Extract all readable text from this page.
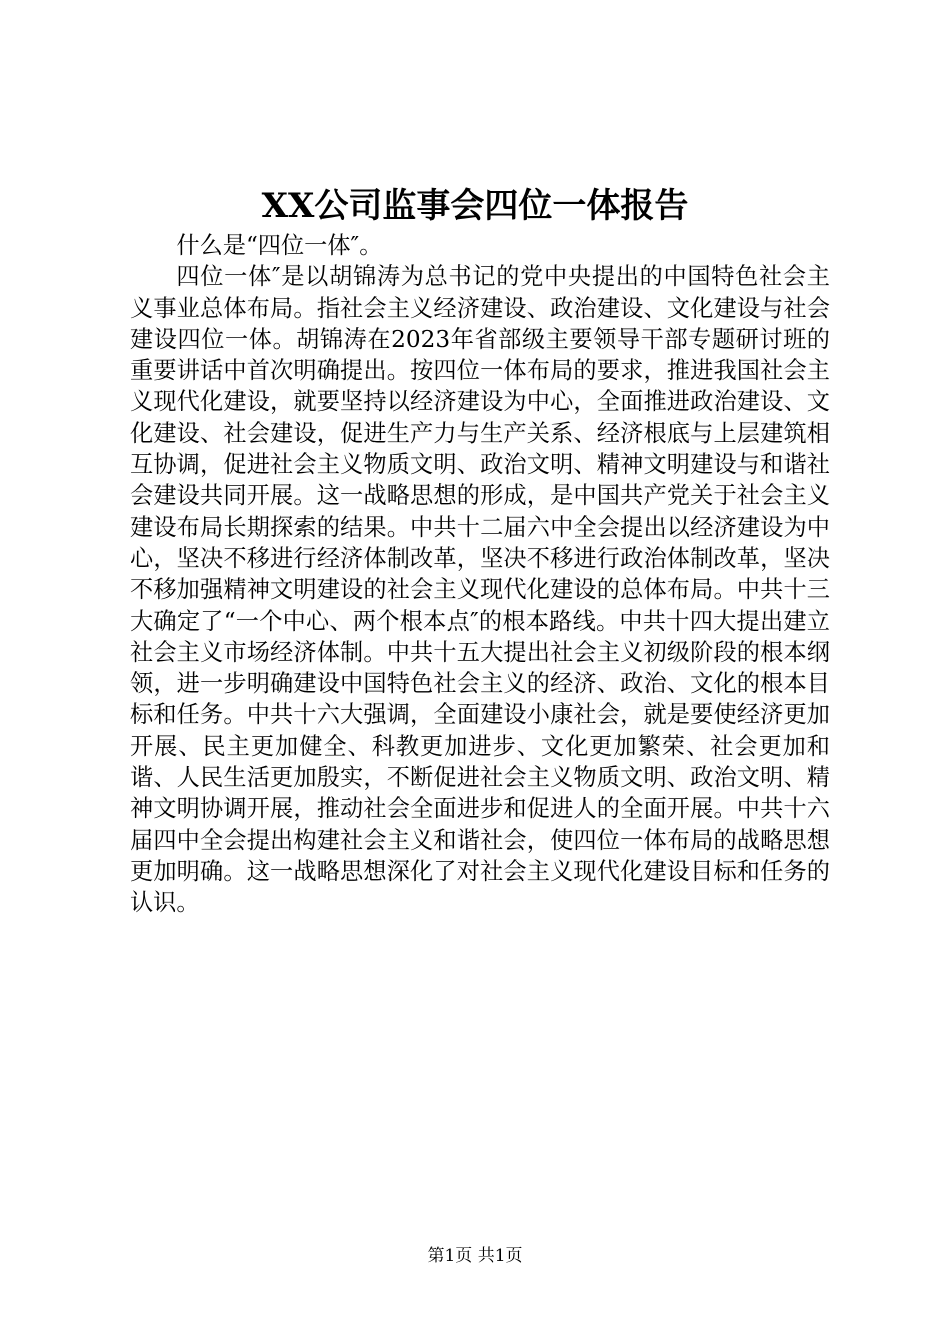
XX公司监事会四位一体报告

什么是“四位一体″。

四位一体″是以胡锦涛为总书记的党中央提出的中国特色社会主义事业总体布局。指社会主义经济建设、政治建设、文化建设与社会建设四位一体。胡锦涛在2023年省部级主要领导干部专题研讨班的重要讲话中首次明确提出。按四位一体布局的要求，推进我国社会主义现代化建设，就要坚持以经济建设为中心，全面推进政治建设、文化建设、社会建设，促进生产力与生产关系、经济根底与上层建筑相互协调，促进社会主义物质文明、政治文明、精神文明建设与和谐社会建设共同开展。这一战略思想的形成，是中国共产党关于社会主义建设布局长期探索的结果。中共十二届六中全会提出以经济建设为中心，坚决不移进行经济体制改革，坚决不移进行政治体制改革，坚决不移加强精神文明建设的社会主义现代化建设的总体布局。中共十三大确定了“一个中心、两个根本点″的根本路线。中共十四大提出建立社会主义市场经济体制。中共十五大提出社会主义初级阶段的根本纲领，进一步明确建设中国特色社会主义的经济、政治、文化的根本目标和任务。中共十六大强调，全面建设小康社会，就是要使经济更加开展、民主更加健全、科教更加进步、文化更加繁荣、社会更加和谐、人民生活更加殷实，不断促进社会主义物质文明、政治文明、精神文明协调开展，推动社会全面进步和促进人的全面开展。中共十六届四中全会提出构建社会主义和谐社会，使四位一体布局的战略思想更加明确。这一战略思想深化了对社会主义现代化建设目标和任务的认识。

第1页 共1页
